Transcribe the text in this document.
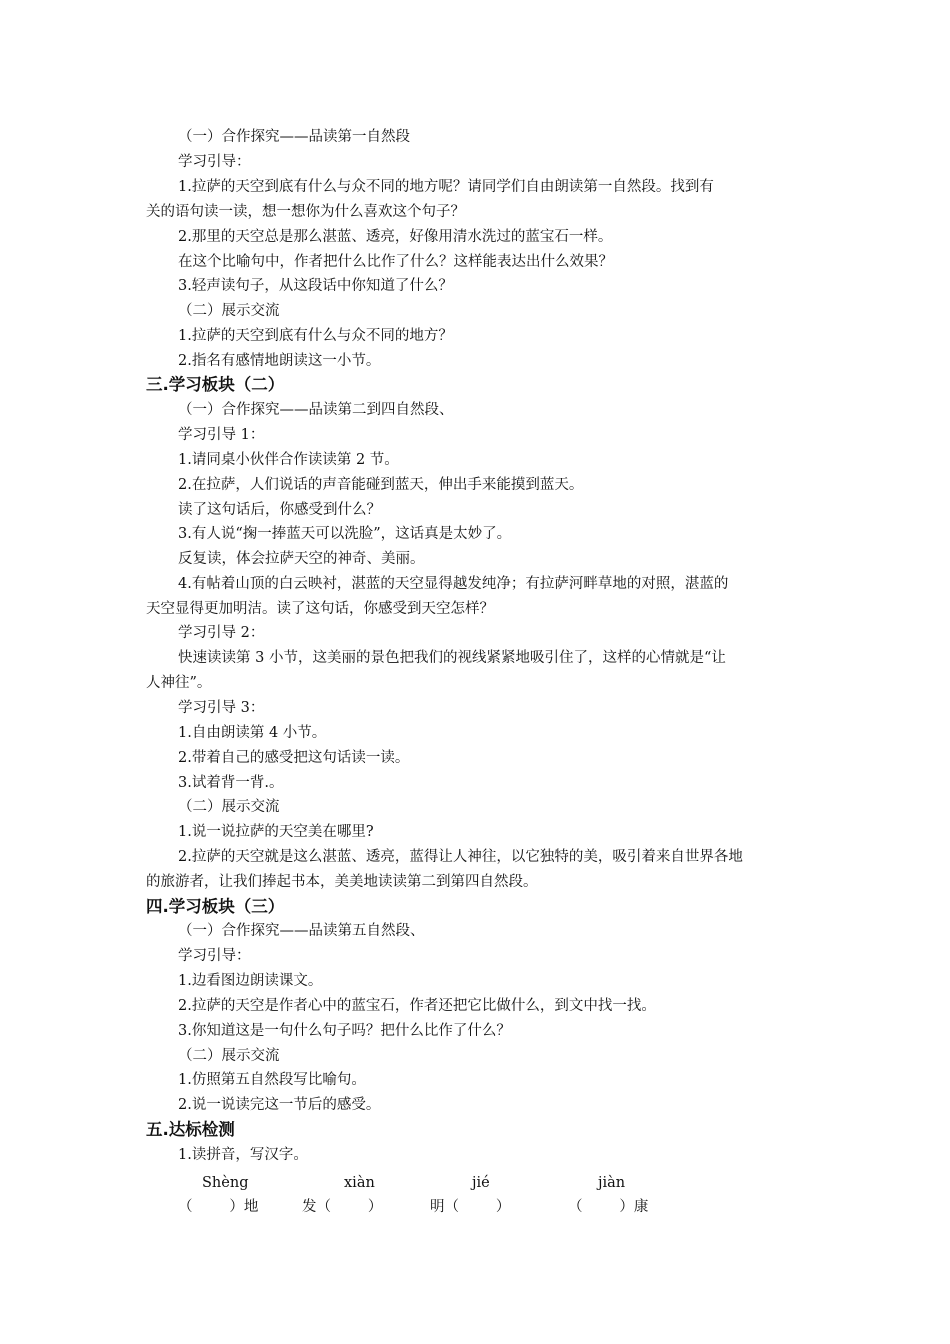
（一）合作探究——品读第一自然段
学习引导：
1.拉萨的天空到底有什么与众不同的地方呢？请同学们自由朗读第一自然段。找到有
关的语句读一读，想一想你为什么喜欢这个句子？
2.那里的天空总是那么湛蓝、透亮，好像用清水洗过的蓝宝石一样。
在这个比喻句中，作者把什么比作了什么？这样能表达出什么效果？
3.轻声读句子，从这段话中你知道了什么？
（二）展示交流
1.拉萨的天空到底有什么与众不同的地方？
2.指名有感情地朗读这一小节。
三.学习板块（二）
（一）合作探究——品读第二到四自然段、
学习引导 1：
1.请同桌小伙伴合作读读第 2 节。
2.在拉萨，人们说话的声音能碰到蓝天，伸出手来能摸到蓝天。
读了这句话后，你感受到什么？
3.有人说“掬一捧蓝天可以洗脸”，这话真是太妙了。
反复读，体会拉萨天空的神奇、美丽。
4.有帖着山顶的白云映衬，湛蓝的天空显得越发纯净；有拉萨河畔草地的对照，湛蓝的
天空显得更加明洁。读了这句话，你感受到天空怎样？
学习引导 2：
快速读读第 3 小节，这美丽的景色把我们的视线紧紧地吸引住了，这样的心情就是“让
人神往”。
学习引导 3：
1.自由朗读第 4 小节。
2.带着自己的感受把这句话读一读。
3.试着背一背.。
（二）展示交流
1.说一说拉萨的天空美在哪里?
2.拉萨的天空就是这么湛蓝、透亮，蓝得让人神往，以它独特的美，吸引着来自世界各地
的旅游者，让我们捧起书本，美美地读读第二到第四自然段。
四.学习板块（三）
（一）合作探究——品读第五自然段、
学习引导：
1.边看图边朗读课文。
2.拉萨的天空是作者心中的蓝宝石，作者还把它比做什么，到文中找一找。
3.你知道这是一句什么句子吗？把什么比作了什么？
（二）展示交流
1.仿照第五自然段写比喻句。
2.说一说读完这一节后的感受。
五.达标检测
1.读拼音，写汉字。
Shèng	xiàn	jié	jiàn
（        ）地	发（        ）	明（        ）	（        ）康
